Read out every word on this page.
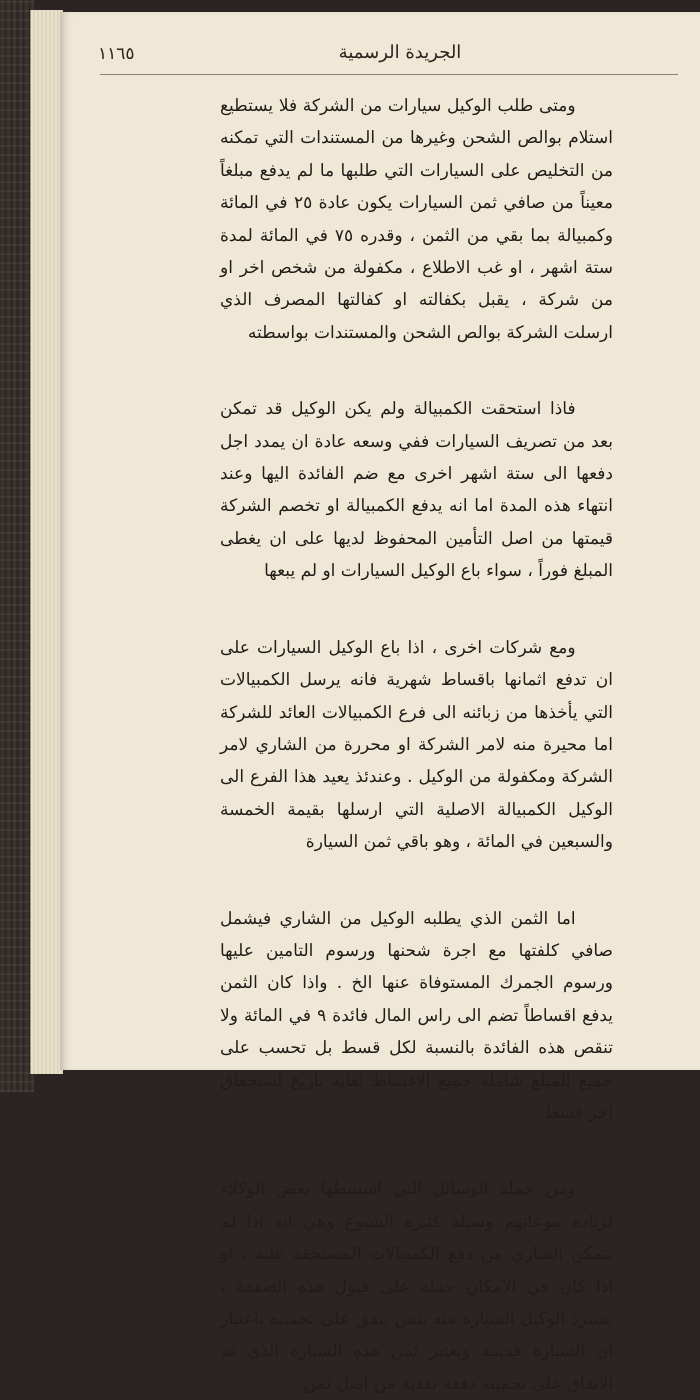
١١٦٥	الجريدة الرسمية

ومتى طلب الوكيل سيارات من الشركة فلا يستطيع استلام بوالص الشحن وغيرها من المستندات التي تمكنه من التخليص على السيارات التي طلبها ما لم يدفع مبلغاً معيناً من صافي ثمن السيارات يكون عادة ٢٥ في المائة وكمبيالة بما بقي من الثمن ، وقدره ٧٥ في المائة لمدة ستة اشهر ، او غب الاطلاع ، مكفولة من شخص اخر او من شركة ، يقبل بكفالته او كفالتها المصرف الذي ارسلت الشركة بوالص الشحن والمستندات بواسطته

فاذا استحقت الكمبيالة ولم يكن الوكيل قد تمكن بعد من تصريف السيارات ففي وسعه عادة ان يمدد اجل دفعها الى ستة اشهر اخرى مع ضم الفائدة اليها وعند انتهاء هذه المدة اما انه يدفع الكمبيالة او تخصم الشركة قيمتها من اصل التأمين المحفوظ لديها على ان يغطى المبلغ فوراً ، سواء باع الوكيل السيارات او لم يبعها

ومع شركات اخرى ، اذا باع الوكيل السيارات على ان تدفع اثمانها باقساط شهرية فانه يرسل الكمبيالات التي يأخذها من زبائنه الى فرع الكمبيالات العائد للشركة اما محيرة منه لامر الشركة او محررة من الشاري لامر الشركة ومكفولة من الوكيل . وعندئذ يعيد هذا الفرع الى الوكيل الكمبيالة الاصلية التي ارسلها بقيمة الخمسة والسبعين في المائة ، وهو باقي ثمن السيارة

اما الثمن الذي يطلبه الوكيل من الشاري فيشمل صافي كلفتها مع اجرة شحنها ورسوم التامين عليها ورسوم الجمرك المستوفاة عنها الخ . واذا كان الثمن يدفع اقساطاً تضم الى راس المال فائدة ٩ في المائة ولا تنقص هذه الفائدة بالنسبة لكل قسط بل تحسب على جميع المبلغ شاملة جميع الاقساط لغاية تاريخ استحقاق اخر قسط

ومن جملة الوسائل التي استنبطها بعض الوكلاء لزيادة بيوعاتهم وسيلة كثيرة الشيوع وهي انه اذا لم يتمكن الشاري من دفع الكمبيالات المستحقة عليه ، او اذا كان في الامكان حمله على قبول هذه الصفقة ، يسترد الوكيل السيارة منه بثمن يتفق على تخمينه باعتبار ان السيارة قديمة ويعتبر ثمن هذه السيارة الذي تم الاتفاق على تخمينه دفعة نقدية من اصل ثمن
